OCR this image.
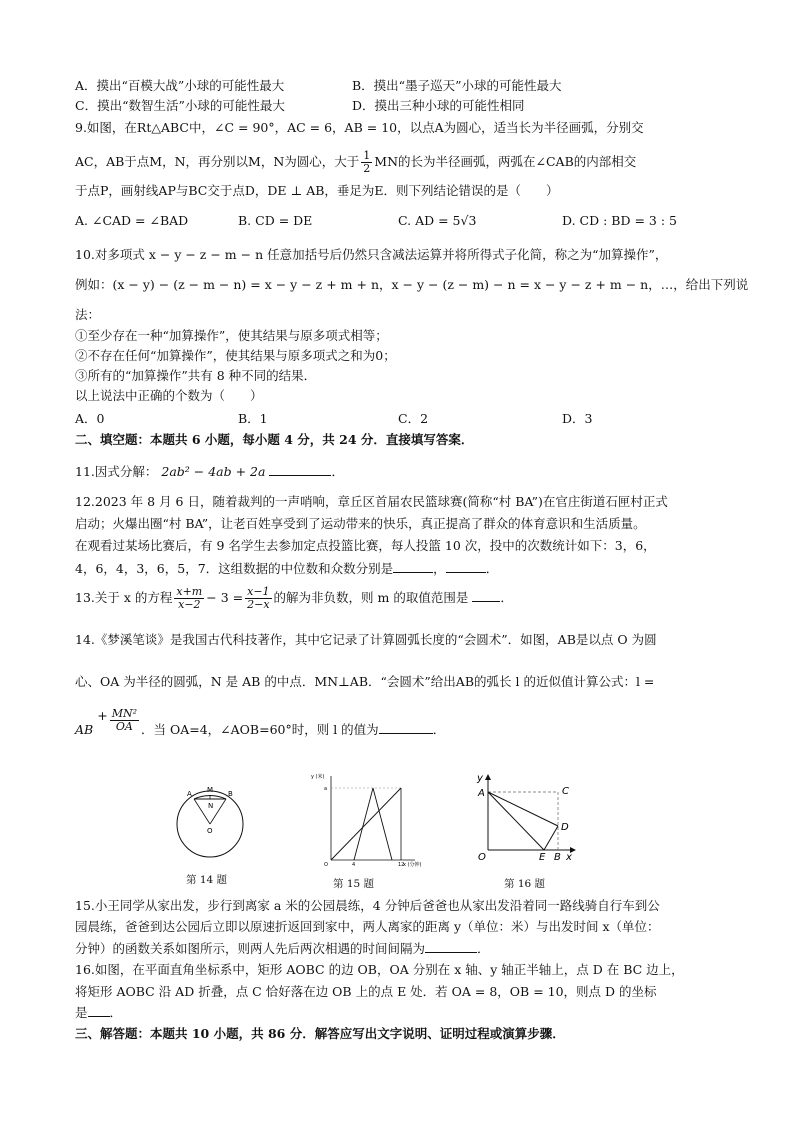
A．摸出“百模大战”小球的可能性最大	B．摸出“墨子巡天”小球的可能性最大
C．摸出“数智生活”小球的可能性最大	D．摸出三种小球的可能性相同
9.如图，在Rt△ABC中，∠C = 90°，AC = 6，AB = 10，以点A为圆心，适当长为半径画弧，分别交
AC，AB于点M，N，再分别以M，N为圆心，大于 $\frac{1}{2}$ MN的长为半径画弧，两弧在∠CAB的内部相交
于点P，画射线AP与BC交于点D，DE ⊥ AB，垂足为E．则下列结论错误的是（　　）
A. ∠CAD = ∠BAD	B. CD = DE	C. AD = 5√3	D. CD : BD = 3 : 5
10.对多项式 x − y − z − m − n 任意加括号后仍然只含减法运算并将所得式子化简，称之为“加算操作”，
例如：(x − y) − (z − m − n) = x − y − z + m + n，x − y − (z − m) − n = x − y − z + m − n，…，给出下列说
法：
①至少存在一种“加算操作”，使其结果与原多项式相等；
②不存在任何“加算操作”，使其结果与原多项式之和为0；
③所有的“加算操作”共有 8 种不同的结果．
以上说法中正确的个数为（　　）
A．0	B．1	C．2	D．3
二、填空题：本题共 6 小题，每小题 4 分，共 24 分．直接填写答案．
11.因式分解： 2ab² − 4ab + 2a	．
12.2023 年 8 月 6 日，随着裁判的一声哨响，章丘区首届农民篮球赛(简称“村 BA”)在官庄街道石匣村正式
启动；火爆出圈“村 BA”，让老百姓享受到了运动带来的快乐，真正提高了群众的体育意识和生活质量。
在观看过某场比赛后，有 9 名学生去参加定点投篮比赛，每人投篮 10 次，投中的次数统计如下：3，6，
4，6，4，3，6，5，7．这组数据的中位数和众数分别是	，	．
13.关于 x 的方程 $\frac{x+m}{x-2} - 3 = \frac{x-1}{2-x}$ 的解为非负数，则 m 的取值范围是	．
14.《梦溪笔谈》是我国古代科技著作，其中它记录了计算圆弧长度的“会圆术”．如图，AB是以点 O 为圆
心、OA 为半径的圆弧，N 是 AB 的中点．MN⊥AB．“会圆术”给出AB的弧长 l 的近似值计算公式：l =
AB + $\frac{\text{MN²}}{OA}$ ．当 OA=4，∠AOB=60°时，则 l 的值为	．
A M B
N
O
第 14 题
y (米)
a
O	4	12
x (分钟)
第 15 题
y
A	C
D
O	E B x
第 16 题
15.小王同学从家出发，步行到离家 a 米的公园晨练，4 分钟后爸爸也从家出发沿着同一路线骑自行车到公
园晨练，爸爸到达公园后立即以原速折返回到家中，两人离家的距离 y（单位：米）与出发时间 x（单位：
分钟）的函数关系如图所示，则两人先后两次相遇的时间间隔为	．
16.如图，在平面直角坐标系中，矩形 AOBC 的边 OB，OA 分别在 x 轴、y 轴正半轴上，点 D 在 BC 边上，
将矩形 AOBC 沿 AD 折叠，点 C 恰好落在边 OB 上的点 E 处．若 OA = 8，OB = 10，则点 D 的坐标
是 ．
三、解答题：本题共 10 小题，共 86 分．解答应写出文字说明、证明过程或演算步骤．
